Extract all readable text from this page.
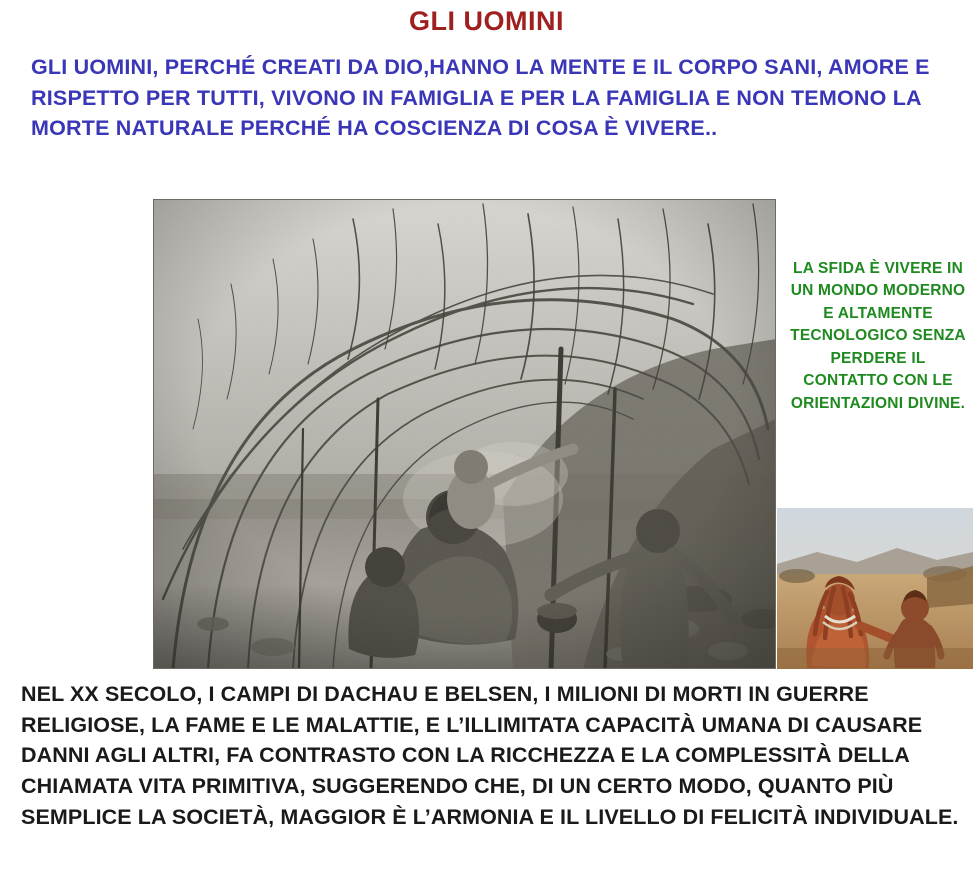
GLI UOMINI
GLI UOMINI, PERCHÉ CREATI DA DIO,HANNO LA MENTE E IL CORPO SANI, AMORE E RISPETTO PER TUTTI, VIVONO IN FAMIGLIA E PER LA FAMIGLIA E NON TEMONO LA MORTE NATURALE PERCHÉ HA COSCIENZA DI COSA È VIVERE..
LA SFIDA È VIVERE IN UN MONDO MODERNO E ALTAMENTE TECNOLOGICO SENZA PERDERE IL CONTATTO CON LE ORIENTAZIONI DIVINE.
NEL XX SECOLO, I CAMPI DI DACHAU E BELSEN, I MILIONI DI MORTI IN GUERRE RELIGIOSE, LA FAME E LE MALATTIE, E L’ILLIMITATA CAPACITÀ UMANA DI CAUSARE DANNI AGLI ALTRI, FA CONTRASTO CON LA RICCHEZZA E LA COMPLESSITÀ DELLA CHIAMATA VITA PRIMITIVA, SUGGERENDO CHE, DI UN CERTO MODO, QUANTO PIÙ SEMPLICE LA SOCIETÀ, MAGGIOR È L’ARMONIA E IL LIVELLO DI FELICITÀ INDIVIDUALE.
